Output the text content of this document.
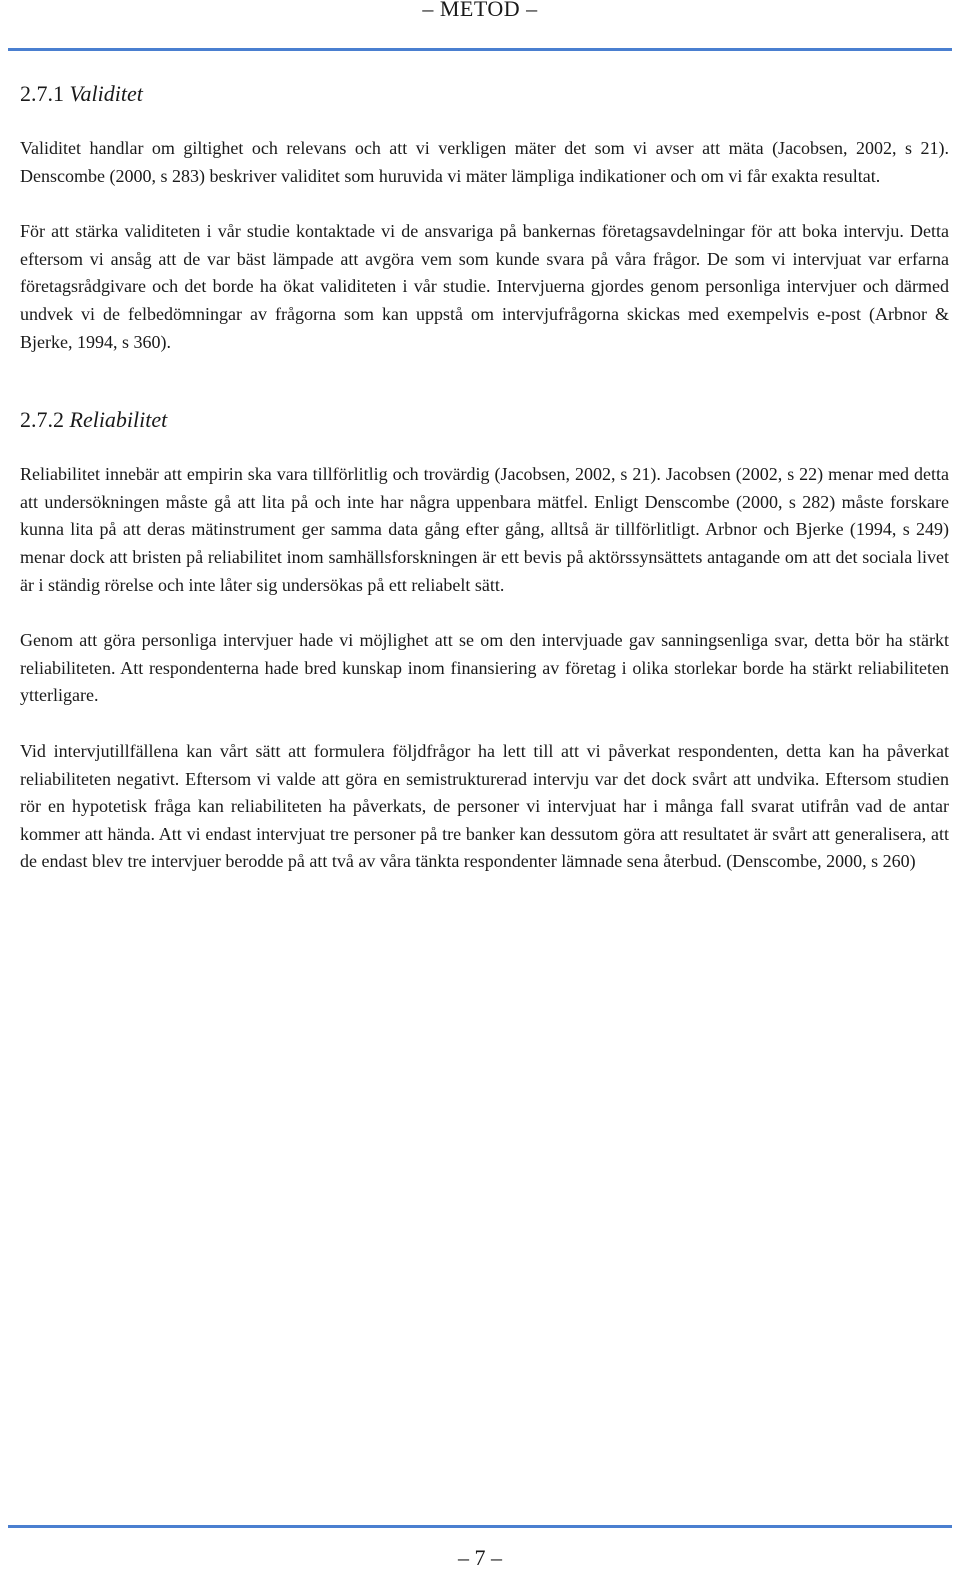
– METOD –
2.7.1 Validitet

Validitet handlar om giltighet och relevans och att vi verkligen mäter det som vi avser att mäta (Jacobsen, 2002, s 21). Denscombe (2000, s 283) beskriver validitet som huruvida vi mäter lämpliga indikationer och om vi får exakta resultat.

För att stärka validiteten i vår studie kontaktade vi de ansvariga på bankernas företagsavdelningar för att boka intervju. Detta eftersom vi ansåg att de var bäst lämpade att avgöra vem som kunde svara på våra frågor. De som vi intervjuat var erfarna företagsrådgivare och det borde ha ökat validiteten i vår studie. Intervjuerna gjordes genom personliga intervjuer och därmed undvek vi de felbedömningar av frågorna som kan uppstå om intervjufrågorna skickas med exempelvis e-post (Arbnor & Bjerke, 1994, s 360).

2.7.2 Reliabilitet

Reliabilitet innebär att empirin ska vara tillförlitlig och trovärdig (Jacobsen, 2002, s 21). Jacobsen (2002, s 22) menar med detta att undersökningen måste gå att lita på och inte har några uppenbara mätfel. Enligt Denscombe (2000, s 282) måste forskare kunna lita på att deras mätinstrument ger samma data gång efter gång, alltså är tillförlitligt. Arbnor och Bjerke (1994, s 249) menar dock att bristen på reliabilitet inom samhällsforskningen är ett bevis på aktörssynsättets antagande om att det sociala livet är i ständig rörelse och inte låter sig undersökas på ett reliabelt sätt.

Genom att göra personliga intervjuer hade vi möjlighet att se om den intervjuade gav sanningsenliga svar, detta bör ha stärkt reliabiliteten. Att respondenterna hade bred kunskap inom finansiering av företag i olika storlekar borde ha stärkt reliabiliteten ytterligare.

Vid intervjutillfällena kan vårt sätt att formulera följdfrågor ha lett till att vi påverkat respondenten, detta kan ha påverkat reliabiliteten negativt. Eftersom vi valde att göra en semistrukturerad intervju var det dock svårt att undvika. Eftersom studien rör en hypotetisk fråga kan reliabiliteten ha påverkats, de personer vi intervjuat har i många fall svarat utifrån vad de antar kommer att hända. Att vi endast intervjuat tre personer på tre banker kan dessutom göra att resultatet är svårt att generalisera, att de endast blev tre intervjuer berodde på att två av våra tänkta respondenter lämnade sena återbud. (Denscombe, 2000, s 260)

– 7 –
